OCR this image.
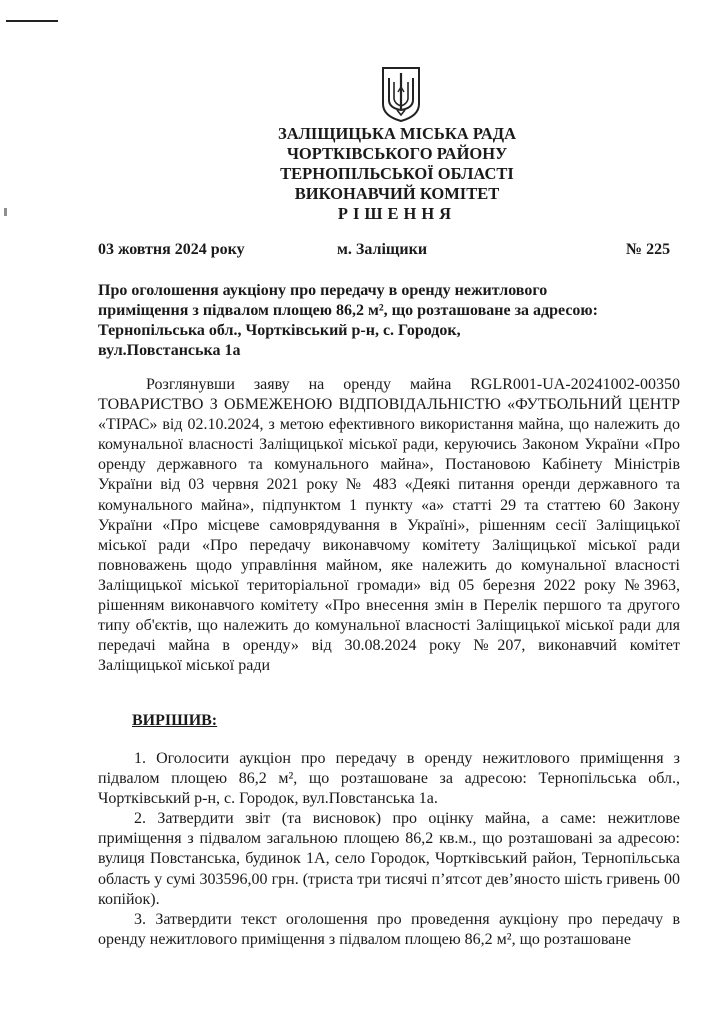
ЗАЛІЩИЦЬКА МІСЬКА РАДА
ЧОРТКІВСЬКОГО РАЙОНУ
ТЕРНОПІЛЬСЬКОЇ ОБЛАСТІ
ВИКОНАВЧИЙ КОМІТЕТ
РІШЕННЯ
03 жовтня 2024 року	м. Заліщики	№ 225
Про оголошення аукціону про передачу в оренду нежитлового
приміщення з підвалом площею 86,2 м², що розташоване за адресою:
Тернопільська обл., Чортківський р-н, с. Городок,
вул.Повстанська 1а

Розглянувши заяву на оренду майна RGLR001-UA-20241002-00350 ТОВАРИСТВО З ОБМЕЖЕНОЮ ВІДПОВІДАЛЬНІСТЮ «ФУТБОЛЬНИЙ ЦЕНТР «ТІРАС» від 02.10.2024, з метою ефективного використання майна, що належить до комунальної власності Заліщицької міської ради, керуючись Законом України «Про оренду державного та комунального майна», Постановою Кабінету Міністрів України від 03 червня 2021 року № 483 «Деякі питання оренди державного та комунального майна», підпунктом 1 пункту «а» статті 29 та статтею 60 Закону України «Про місцеве самоврядування в Україні», рішенням сесії Заліщицької міської ради «Про передачу виконавчому комітету Заліщицької міської ради повноважень щодо управління майном, яке належить до комунальної власності Заліщицької міської територіальної громади» від 05 березня 2022 року №3963, рішенням виконавчого комітету «Про внесення змін в Перелік першого та другого типу об'єктів, що належить до комунальної власності Заліщицької міської ради для передачі майна в оренду» від 30.08.2024 року №207, виконавчий комітет Заліщицької міської ради

ВИРІШИВ:

1. Оголосити аукціон про передачу в оренду нежитлового приміщення з підвалом площею 86,2 м², що розташоване за адресою: Тернопільська обл., Чортківський р-н, с. Городок, вул.Повстанська 1а.

2. Затвердити звіт (та висновок) про оцінку майна, а саме: нежитлове приміщення з підвалом загальною площею 86,2 кв.м., що розташовані за адресою: вулиця Повстанська, будинок 1А, село Городок, Чортківський район, Тернопільська область у сумі 303596,00 грн. (триста три тисячі п’ятсот дев’яносто шість гривень 00 копійок).

3. Затвердити текст оголошення про проведення аукціону про передачу в оренду нежитлового приміщення з підвалом площею 86,2 м², що розташоване
